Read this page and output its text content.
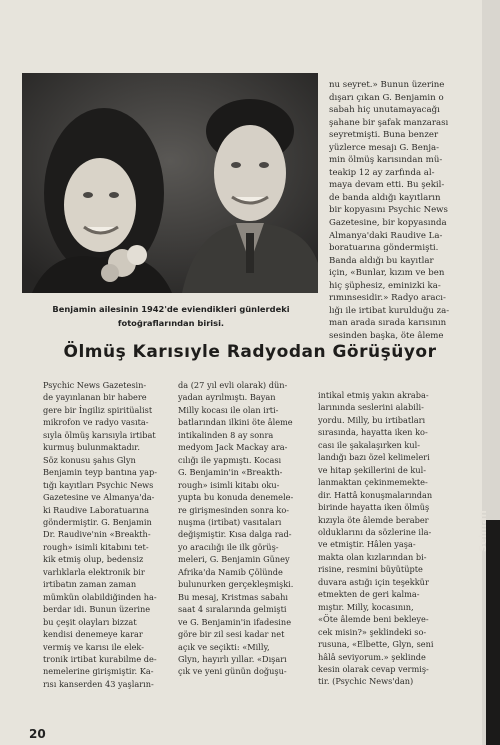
Benjamin ailesinin 1942'de eviendikleri günlerdeki
fotoğraflarından birisi.
nu seyret.» Bunun üzerine
dışarı çıkan G. Benjamin o
sabah hiç unutamayacağı
şahane bir şafak manzarası
seyretmişti. Buna benzer
yüzlerce mesajı G. Benja-
min ölmüş karısından mü-
teakip 12 ay zarfında al-
maya devam etti. Bu şekil-
de banda aldığı kayıtların
bir kopyasını Psychic News
Gazetesine, bir kopyasında
Almanya'daki Raudive La-
boratuarına göndermişti.
Banda aldığı bu kayıtlar
için, «Bunlar, kızım ve ben
hiç şüphesiz, eminizki ka-
rımınsesidir.» Radyo aracı-
lığı ile irtibat kurulduğu za-
man arada sırada karısının
sesinden başka, öte âleme
Ölmüş Karısıyle Radyodan Görüşüyor
Psychic News Gazetesin-
de yayınlanan bir habere
gere bir İngiliz spiritüalist
mikrofon ve radyo vasıta-
sıyla ölmüş karısıyla irtibat
kurmuş bulunmaktadır.
Söz konusu şahıs Glyn
Benjamin teyp bantına yap-
tığı kayıtları Psychic News
Gazetesine ve Almanya'da-
ki Raudive Laboratuarına
göndermiştir. G. Benjamin
Dr. Raudive'nin «Breakth-
rough» isimli kitabını tet-
kik etmiş olup, bedensiz
varlıklarla elektronik bir
irtibatın zaman zaman
mümkün olabildiğinden ha-
berdar idi. Bunun üzerine
bu çeşit olayları bizzat
kendisi denemeye karar
vermiş ve karısı ile elek-
tronik irtibat kurabilme de-
nemelerine girişmiştir. Ka-
rısı kanserden 43 yaşların-
da (27 yıl evli olarak) dün-
yadan ayrılmıştı. Bayan
Milly kocası ile olan irti-
batlarından ilkini öte âleme
intikalinden 8 ay sonra
medyom Jack Mackay ara-
cılığı ile yapmıştı. Kocası
G. Benjamin'in «Breakth-
rough» isimli kitabı oku-
yupta bu konuda denemele-
re girişmesinden sonra ko-
nuşma (irtibat) vasıtaları
değişmiştir. Kısa dalga rad-
yo aracılığı ile ilk görüş-
meleri, G. Benjamin Güney
Afrika'da Namib Çölünde
bulunurken gerçekleşmişki.
Bu mesaj, Kristmas sabahı
saat 4 sıralarında gelmişti
ve G. Benjamin'in ifadesine
göre bir zil sesi kadar net
açık ve seçikti: «Milly,
Glyn, hayırlı yıllar. «Dışarı
çık ve yeni günün doğuşu-
intikal etmiş yakın akraba-
larınında seslerini alabili-
yordu. Milly, bu irtibatları
sırasında, hayatta iken ko-
cası ile şakalaşırken kul-
landığı bazı özel kelimeleri
ve hitap şekillerini de kul-
lanmaktan çekinmemekte-
dir. Hattâ konuşmalarından
birinde hayatta iken ölmüş
kızıyla öte âlemde beraber
olduklarını da sözlerine ila-
ve etmiştir. Hâlen yaşa-
makta olan kızlarından bi-
risine, resmini büyütüpte
duvara astığı için teşekkür
etmekten de geri kalma-
mıştır. Milly, kocasının,
«Öte âlemde beni bekleye-
cek misin?» şeklindeki so-
rusuna, «Elbette, Glyn, seni
hâlâ seviyorum.» şeklinde
kesin olarak cevap vermiş-
tir. (Psychic News'dan)
20
Selman
